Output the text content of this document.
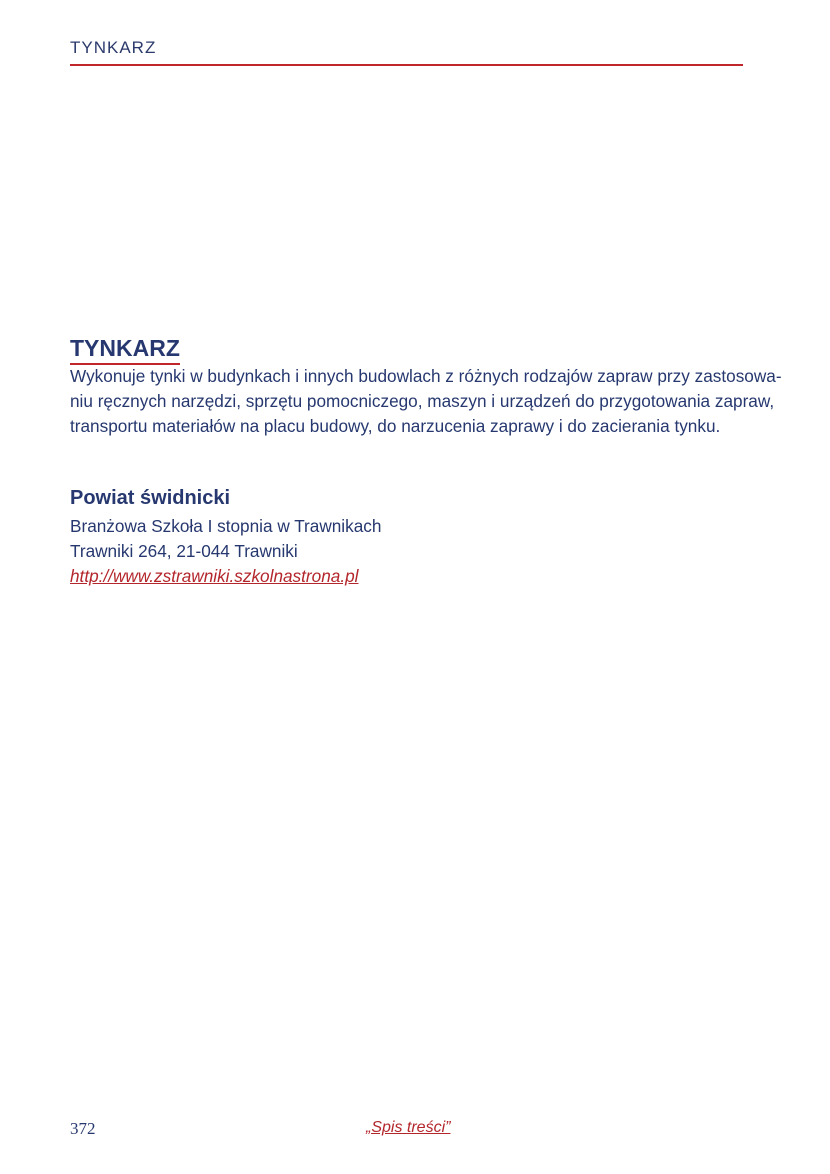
TYNKARZ
TYNKARZ

Wykonuje tynki w budynkach i innych budowlach z różnych rodzajów zapraw przy zastosowa-
niu ręcznych narzędzi, sprzętu pomocniczego, maszyn i urządzeń do przygotowania zapraw,
transportu materiałów na placu budowy, do narzucenia zaprawy i do zacierania tynku.

Powiat świdnicki
Branżowa Szkoła I stopnia w Trawnikach
Trawniki 264, 21-044 Trawniki
http://www.zstrawniki.szkolnastrona.pl
372	„Spis treści”
